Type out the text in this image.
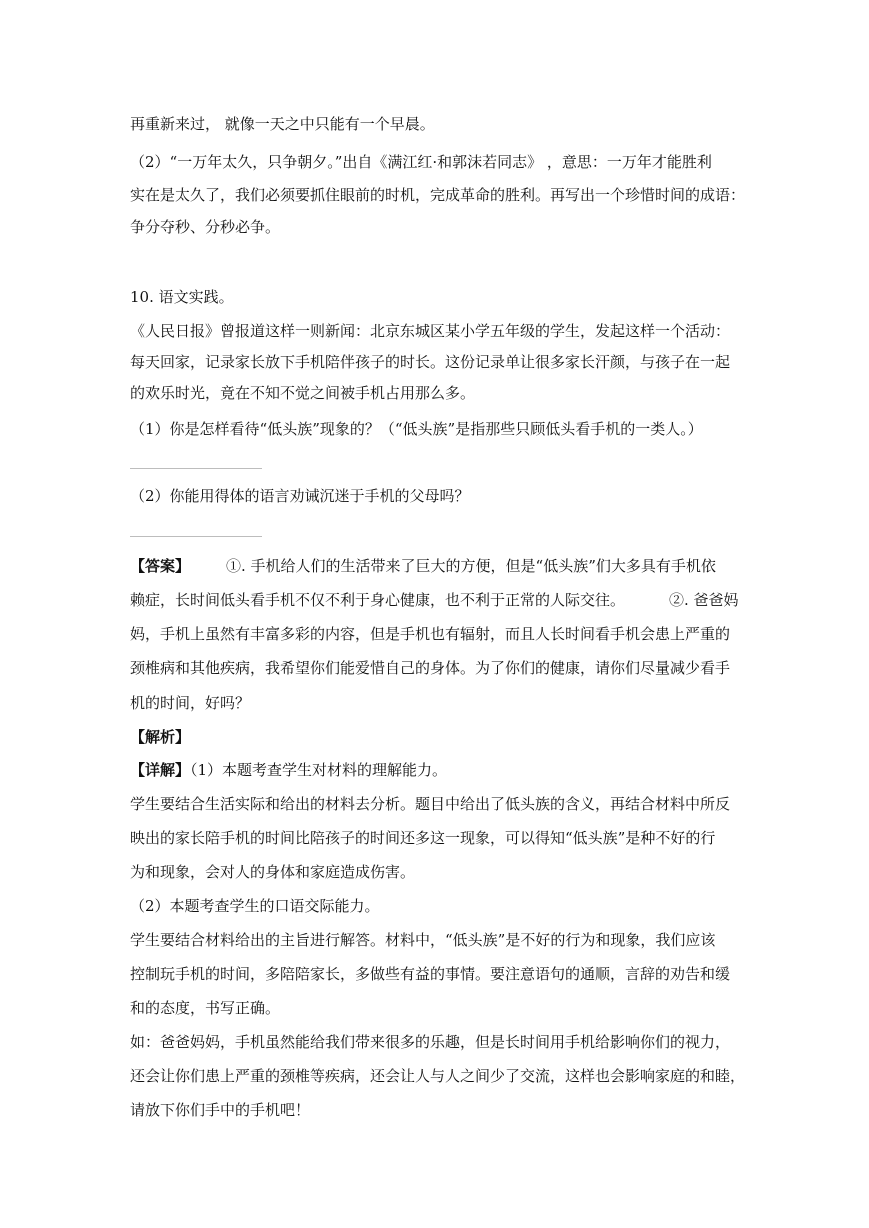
再重新来过， 就像一天之中只能有一个早晨。
（2）“一万年太久，只争朝夕。”出自《满江红·和郭沫若同志》 ，意思：一万年才能胜利
实在是太久了，我们必须要抓住眼前的时机，完成革命的胜利。再写出一个珍惜时间的成语：
争分夺秒、分秒必争。
10. 语文实践。
《人民日报》曾报道这样一则新闻：北京东城区某小学五年级的学生，发起这样一个活动：
每天回家，记录家长放下手机陪伴孩子的时长。这份记录单让很多家长汗颜，与孩子在一起
的欢乐时光，竟在不知不觉之间被手机占用那么多。
（1）你是怎样看待“低头族”现象的？（“低头族”是指那些只顾低头看手机的一类人。）
（2）你能用得体的语言劝诫沉迷于手机的父母吗？
【答案】 ①. 手机给人们的生活带来了巨大的方便，但是“低头族”们大多具有手机依
赖症，长时间低头看手机不仅不利于身心健康，也不利于正常的人际交往。	②. 爸爸妈
妈，手机上虽然有丰富多彩的内容，但是手机也有辐射，而且人长时间看手机会患上严重的
颈椎病和其他疾病，我希望你们能爱惜自己的身体。为了你们的健康，请你们尽量减少看手
机的时间，好吗？
【解析】
【详解】（1）本题考查学生对材料的理解能力。
学生要结合生活实际和给出的材料去分析。题目中给出了低头族的含义，再结合材料中所反
映出的家长陪手机的时间比陪孩子的时间还多这一现象，可以得知“低头族”是种不好的行
为和现象，会对人的身体和家庭造成伤害。
（2）本题考查学生的口语交际能力。
学生要结合材料给出的主旨进行解答。材料中，“低头族”是不好的行为和现象，我们应该
控制玩手机的时间，多陪陪家长，多做些有益的事情。要注意语句的通顺，言辞的劝告和缓
和的态度，书写正确。
如：爸爸妈妈，手机虽然能给我们带来很多的乐趣，但是长时间用手机给影响你们的视力，
还会让你们患上严重的颈椎等疾病，还会让人与人之间少了交流，这样也会影响家庭的和睦，
请放下你们手中的手机吧！
